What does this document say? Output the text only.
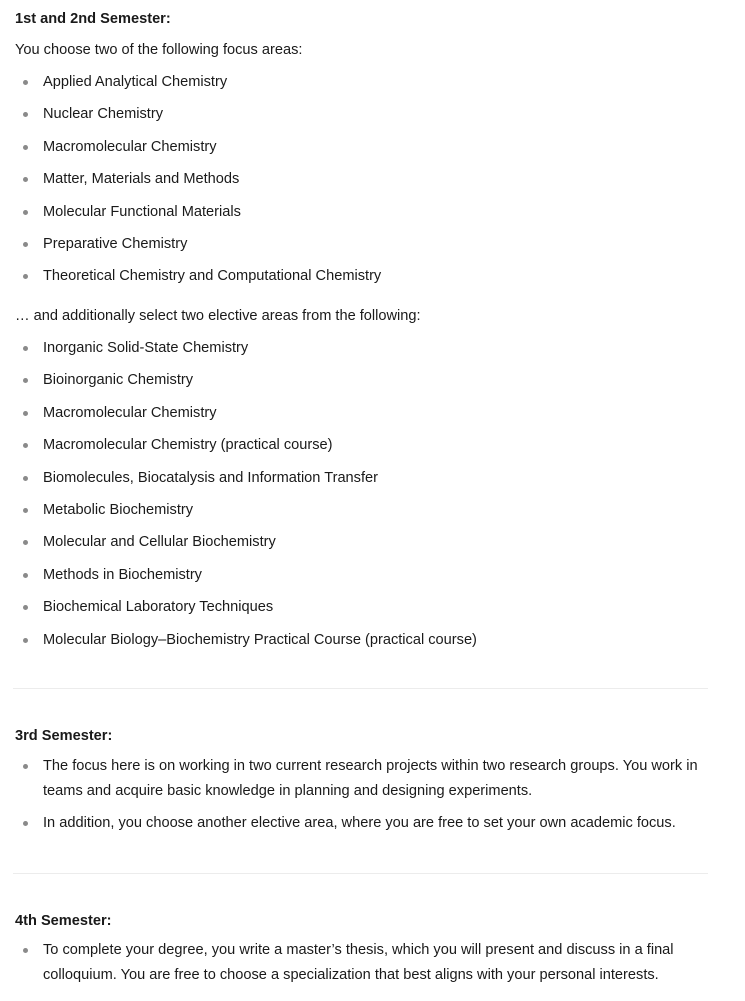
1st and 2nd Semester:

You choose two of the following focus areas:

Applied Analytical Chemistry
Nuclear Chemistry
Macromolecular Chemistry
Matter, Materials and Methods
Molecular Functional Materials
Preparative Chemistry
Theoretical Chemistry and Computational Chemistry

… and additionally select two elective areas from the following:

Inorganic Solid-State Chemistry
Bioinorganic Chemistry
Macromolecular Chemistry
Macromolecular Chemistry (practical course)
Biomolecules, Biocatalysis and Information Transfer
Metabolic Biochemistry
Molecular and Cellular Biochemistry
Methods in Biochemistry
Biochemical Laboratory Techniques
Molecular Biology–Biochemistry Practical Course (practical course)

3rd Semester:

The focus here is on working in two current research projects within two research groups. You work in teams and acquire basic knowledge in planning and designing experiments.
In addition, you choose another elective area, where you are free to set your own academic focus.

4th Semester:

To complete your degree, you write a master’s thesis, which you will present and discuss in a final colloquium. You are free to choose a specialization that best aligns with your personal interests.
